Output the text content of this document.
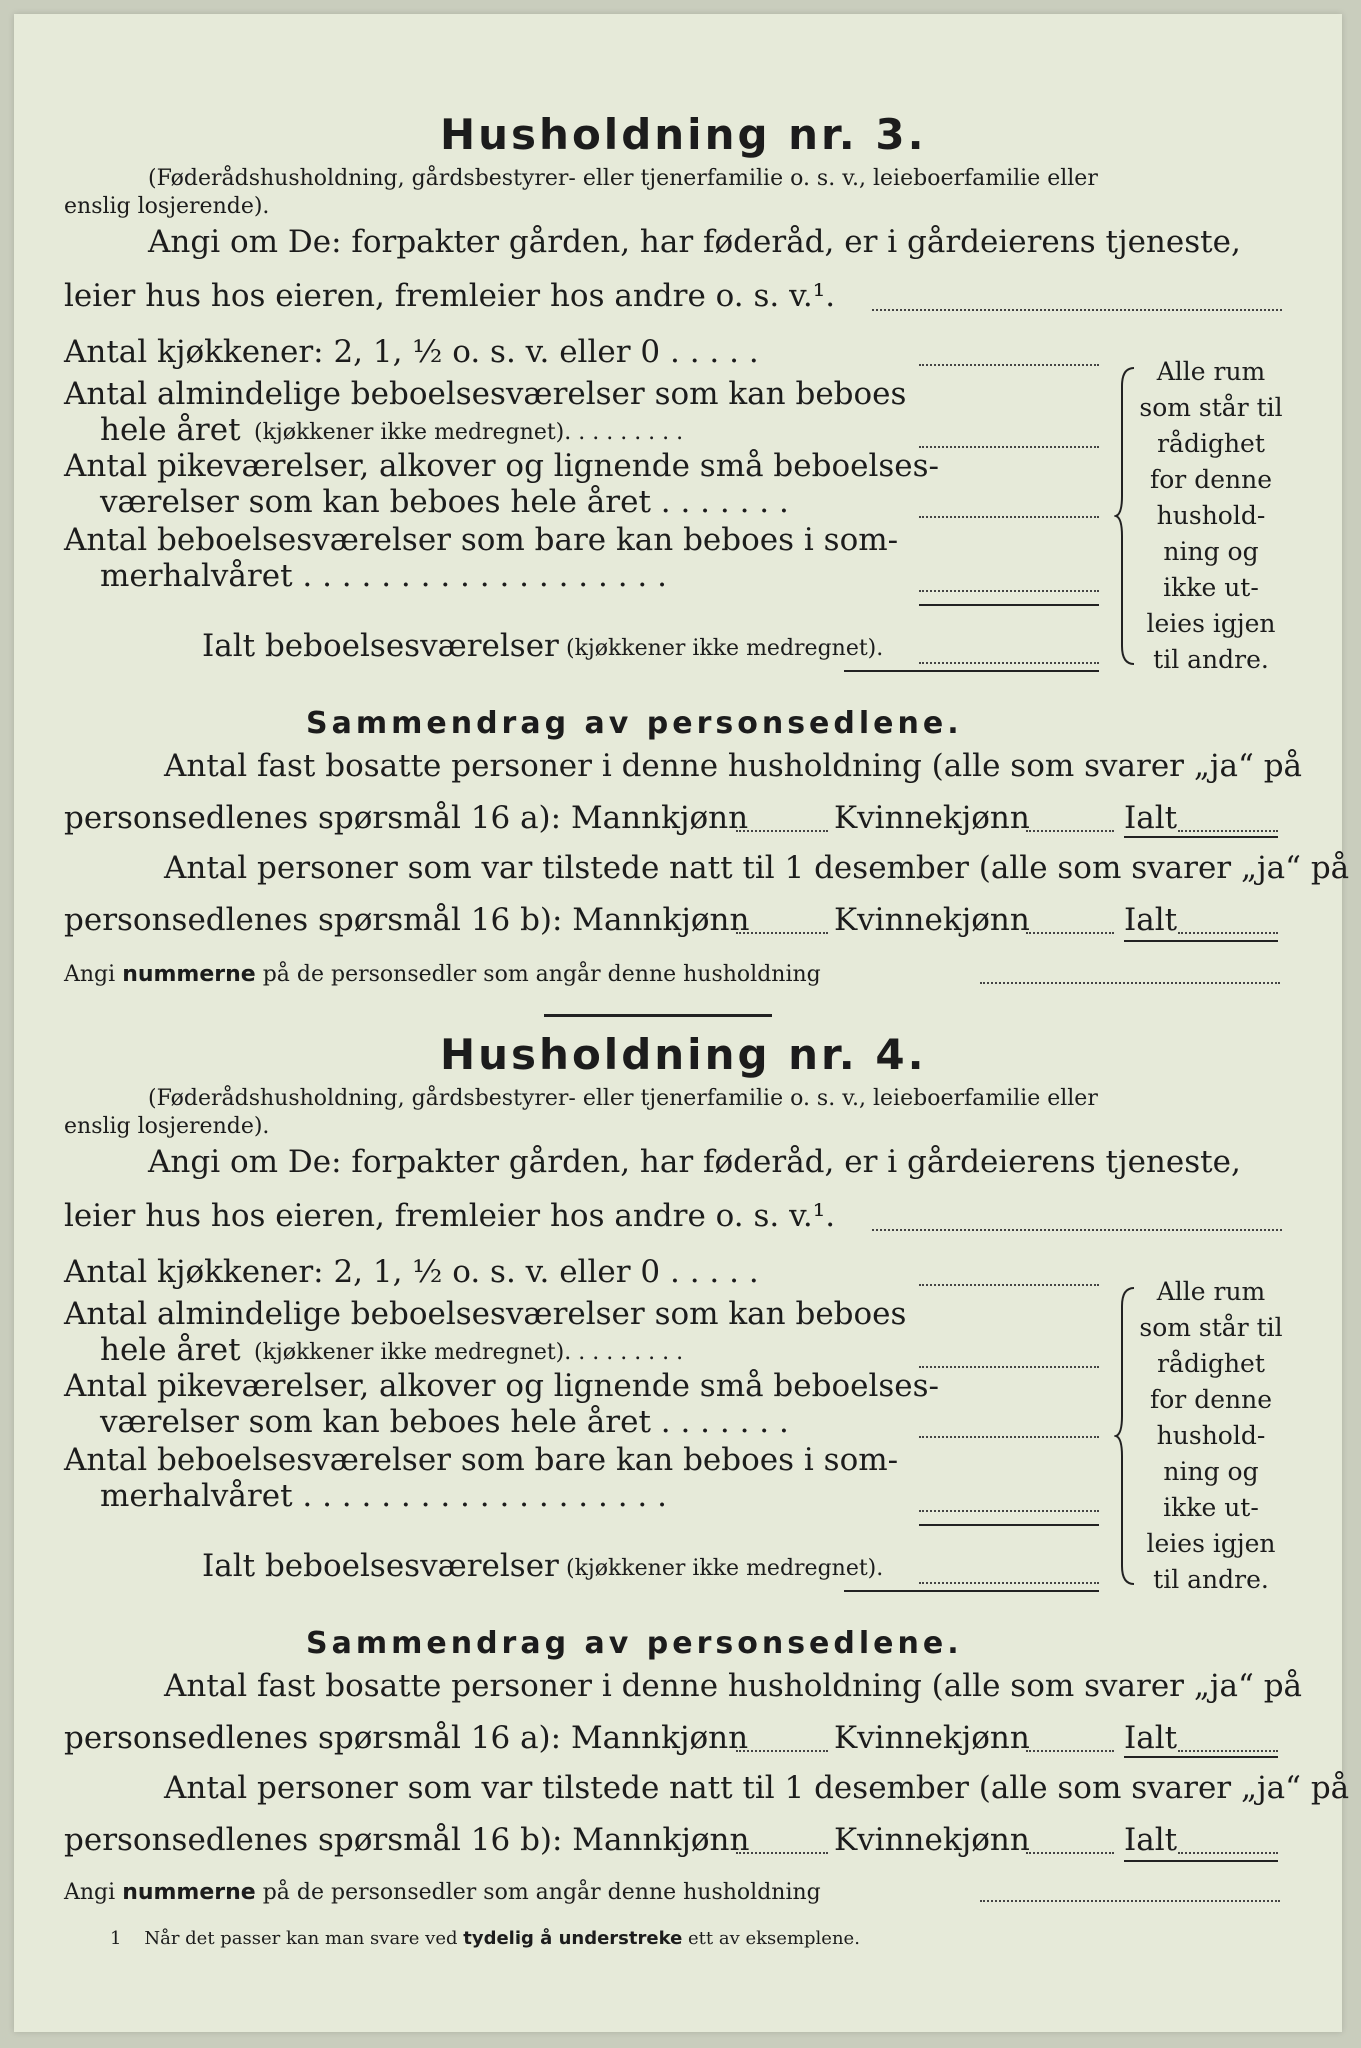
Husholdning nr. 3.
(Føderådshusholdning, gårdsbestyrer- eller tjenerfamilie o. s. v., leieboerfamilie eller
enslig losjerende).
Angi om De: forpakter gården, har føderåd, er i gårdeierens tjeneste,
leier hus hos eieren, fremleier hos andre o. s. v.¹.
Antal kjøkkener: 2, 1, ½ o. s. v. eller 0 . . . . .
Antal almindelige beboelsesværelser som kan beboes
hele året (kjøkkener ikke medregnet). . . . . . . . .
Antal pikeværelser, alkover og lignende små beboelses-
værelser som kan beboes hele året . . . . . . .
Antal beboelsesværelser som bare kan beboes i som-
merhalvåret . . . . . . . . . . . . . . . . . . .
Ialt beboelsesværelser (kjøkkener ikke medregnet).
Alle rum som står til rådighet for denne hushold-ning og ikke ut-leies igjen til andre.
Sammendrag av personsedlene.
Antal fast bosatte personer i denne husholdning (alle som svarer „ja“ på
personsedlenes spørsmål 16 a): Mannkjønn	Kvinnekjønn	Ialt
Antal personer som var tilstede natt til 1 desember (alle som svarer „ja“ på
personsedlenes spørsmål 16 b): Mannkjønn	Kvinnekjønn	Ialt
Angi nummerne på de personsedler som angår denne husholdning
Husholdning nr. 4.
(Føderådshusholdning, gårdsbestyrer- eller tjenerfamilie o. s. v., leieboerfamilie eller
enslig losjerende).
Angi om De: forpakter gården, har føderåd, er i gårdeierens tjeneste,
leier hus hos eieren, fremleier hos andre o. s. v.¹.
Antal kjøkkener: 2, 1, ½ o. s. v. eller 0 . . . . .
Antal almindelige beboelsesværelser som kan beboes
hele året (kjøkkener ikke medregnet). . . . . . . . .
Antal pikeværelser, alkover og lignende små beboelses-
værelser som kan beboes hele året . . . . . . .
Antal beboelsesværelser som bare kan beboes i som-
merhalvåret . . . . . . . . . . . . . . . . . . .
Ialt beboelsesværelser (kjøkkener ikke medregnet).
Alle rum som står til rådighet for denne hushold-ning og ikke ut-leies igjen til andre.
Sammendrag av personsedlene.
Antal fast bosatte personer i denne husholdning (alle som svarer „ja“ på
personsedlenes spørsmål 16 a): Mannkjønn	Kvinnekjønn	Ialt
Antal personer som var tilstede natt til 1 desember (alle som svarer „ja“ på
personsedlenes spørsmål 16 b): Mannkjønn	Kvinnekjønn	Ialt
Angi nummerne på de personsedler som angår denne husholdning
1 Når det passer kan man svare ved tydelig å understreke ett av eksemplene.
